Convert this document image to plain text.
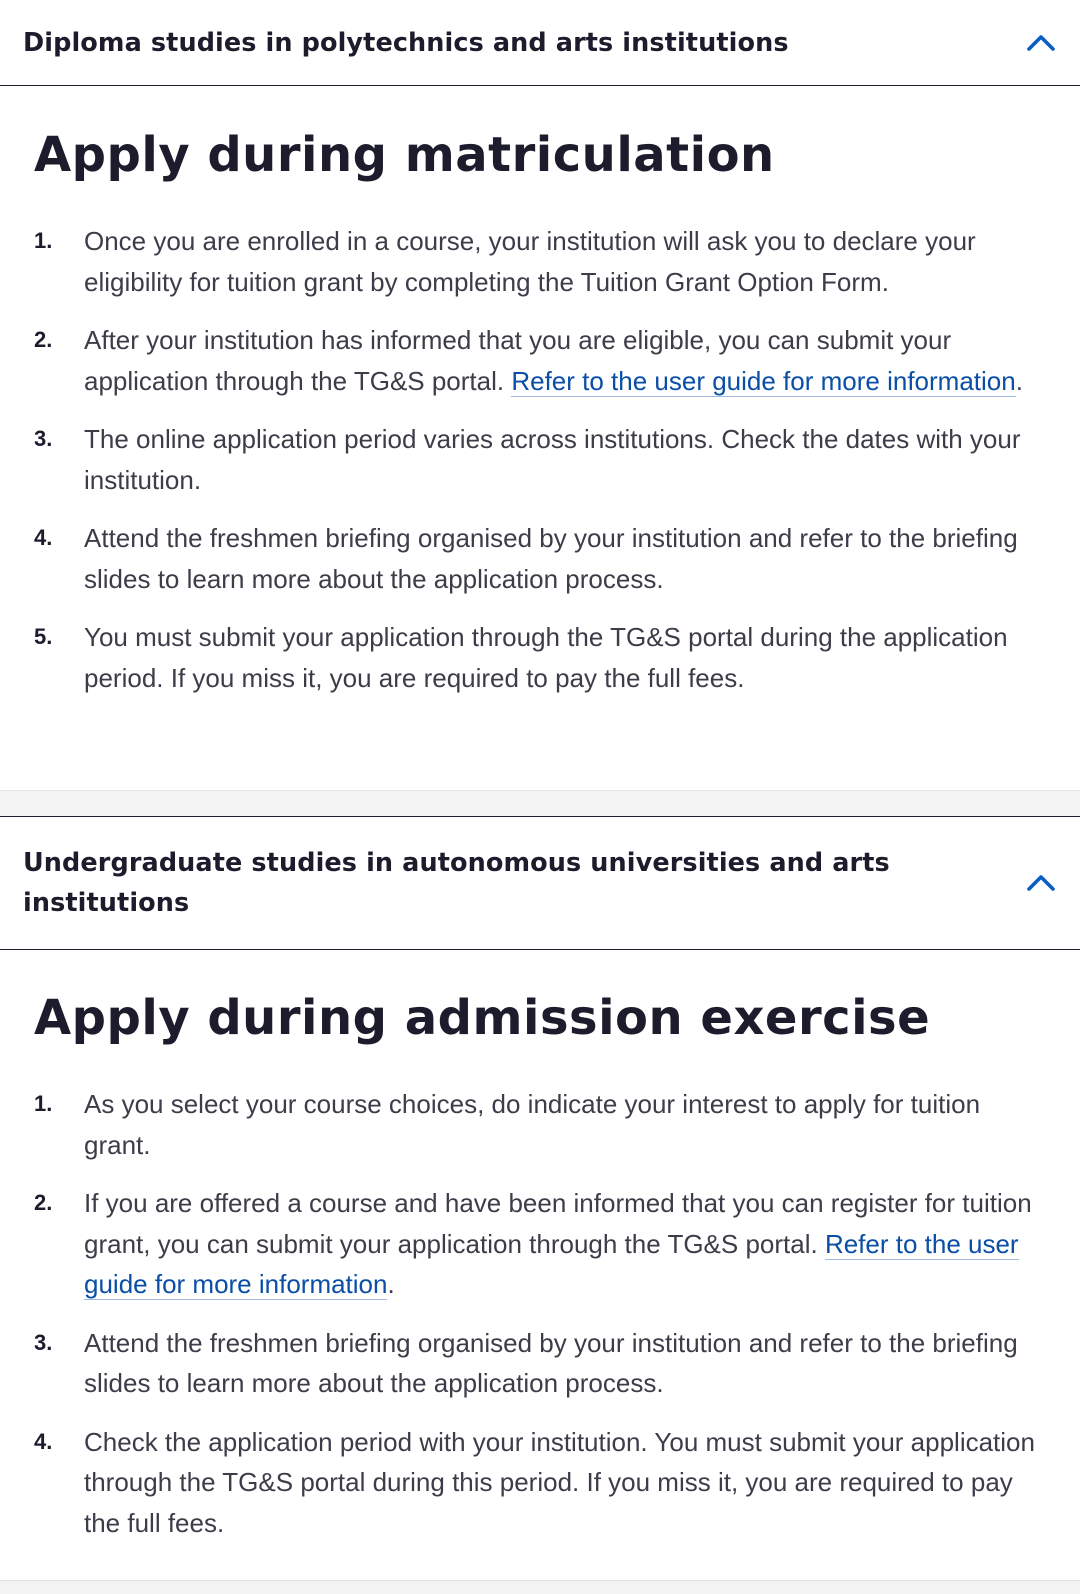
Diploma studies in polytechnics and arts institutions
Apply during matriculation
1. Once you are enrolled in a course, your institution will ask you to declare your eligibility for tuition grant by completing the Tuition Grant Option Form.
2. After your institution has informed that you are eligible, you can submit your application through the TG&S portal. Refer to the user guide for more information.
3. The online application period varies across institutions. Check the dates with your institution.
4. Attend the freshmen briefing organised by your institution and refer to the briefing slides to learn more about the application process.
5. You must submit your application through the TG&S portal during the application period. If you miss it, you are required to pay the full fees.
Undergraduate studies in autonomous universities and arts institutions
Apply during admission exercise
1. As you select your course choices, do indicate your interest to apply for tuition grant.
2. If you are offered a course and have been informed that you can register for tuition grant, you can submit your application through the TG&S portal. Refer to the user guide for more information.
3. Attend the freshmen briefing organised by your institution and refer to the briefing slides to learn more about the application process.
4. Check the application period with your institution. You must submit your application through the TG&S portal during this period. If you miss it, you are required to pay the full fees.
